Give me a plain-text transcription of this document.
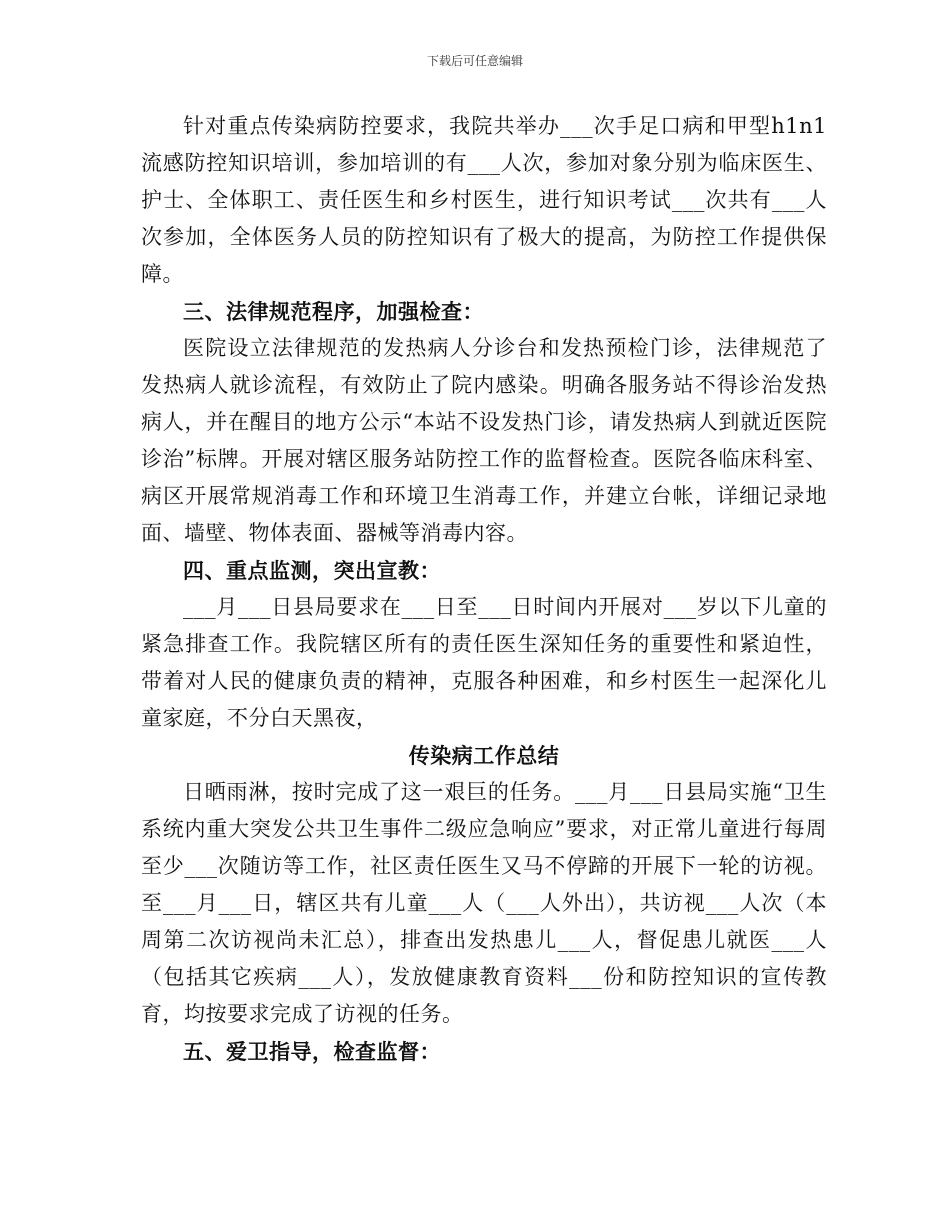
下载后可任意编辑

针对重点传染病防控要求，我院共举办___次手足口病和甲型h1n1流感防控知识培训，参加培训的有___人次，参加对象分别为临床医生、护士、全体职工、责任医生和乡村医生，进行知识考试___次共有___人次参加，全体医务人员的防控知识有了极大的提高，为防控工作提供保障。

三、法律规范程序，加强检查：

医院设立法律规范的发热病人分诊台和发热预检门诊，法律规范了发热病人就诊流程，有效防止了院内感染。明确各服务站不得诊治发热病人，并在醒目的地方公示“本站不设发热门诊，请发热病人到就近医院诊治”标牌。开展对辖区服务站防控工作的监督检查。医院各临床科室、病区开展常规消毒工作和环境卫生消毒工作，并建立台帐，详细记录地面、墙壁、物体表面、器械等消毒内容。

四、重点监测，突出宣教：

___月___日县局要求在___日至___日时间内开展对___岁以下儿童的紧急排查工作。我院辖区所有的责任医生深知任务的重要性和紧迫性，带着对人民的健康负责的精神，克服各种困难，和乡村医生一起深化儿童家庭，不分白天黑夜，

传染病工作总结

日晒雨淋，按时完成了这一艰巨的任务。___月___日县局实施“卫生系统内重大突发公共卫生事件二级应急响应”要求，对正常儿童进行每周至少___次随访等工作，社区责任医生又马不停蹄的开展下一轮的访视。至___月___日，辖区共有儿童___人（___人外出），共访视___人次（本周第二次访视尚未汇总），排查出发热患儿___人，督促患儿就医___人（包括其它疾病___人），发放健康教育资料___份和防控知识的宣传教育，均按要求完成了访视的任务。

五、爱卫指导，检查监督：
